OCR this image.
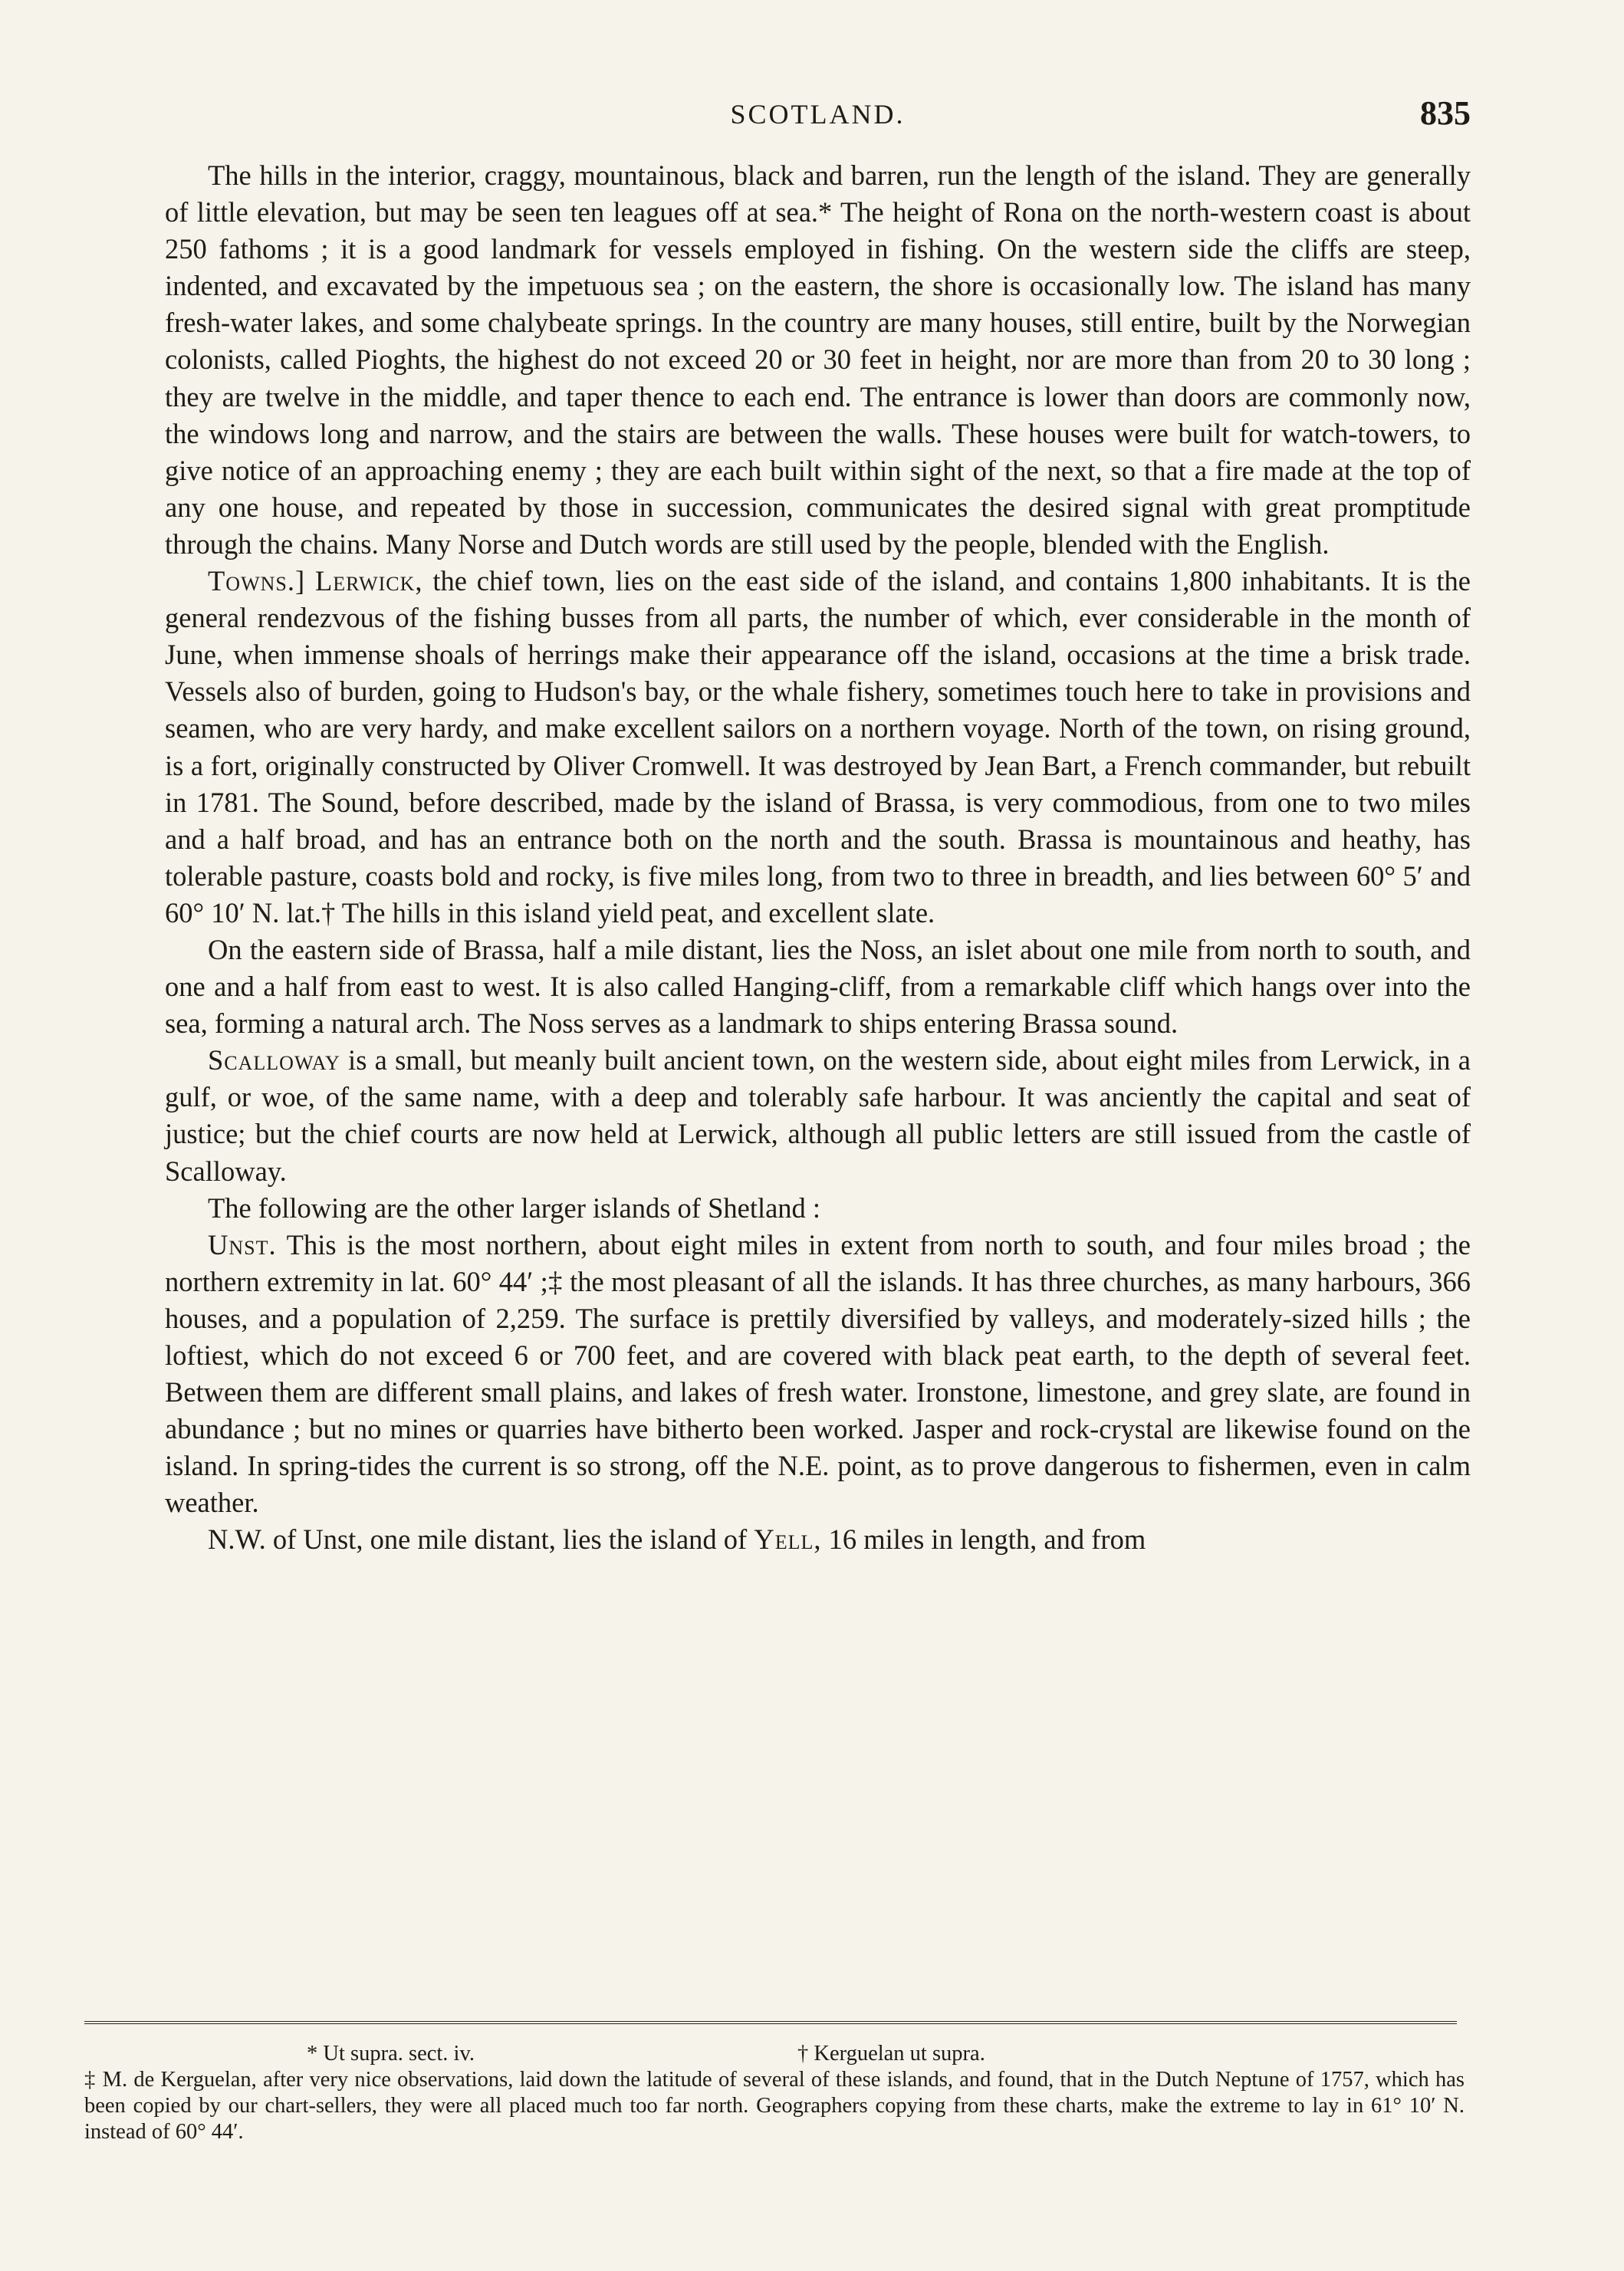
SCOTLAND.	835

The hills in the interior, craggy, mountainous, black and barren, run the length of the island. They are generally of little elevation, but may be seen ten leagues off at sea.* The height of Rona on the north-western coast is about 250 fathoms ; it is a good landmark for vessels employed in fishing. On the western side the cliffs are steep, indented, and excavated by the impetuous sea ; on the eastern, the shore is occasionally low. The island has many fresh-water lakes, and some chalybeate springs. In the country are many houses, still entire, built by the Norwegian colonists, called Pioghts, the highest do not exceed 20 or 30 feet in height, nor are more than from 20 to 30 long ; they are twelve in the middle, and taper thence to each end. The entrance is lower than doors are commonly now, the windows long and narrow, and the stairs are between the walls. These houses were built for watch-towers, to give notice of an approaching enemy ; they are each built within sight of the next, so that a fire made at the top of any one house, and repeated by those in succession, communicates the desired signal with great promptitude through the chains. Many Norse and Dutch words are still used by the people, blended with the English.

Towns.] Lerwick, the chief town, lies on the east side of the island, and contains 1,800 inhabitants. It is the general rendezvous of the fishing busses from all parts, the number of which, ever considerable in the month of June, when immense shoals of herrings make their appearance off the island, occasions at the time a brisk trade. Vessels also of burden, going to Hudson's bay, or the whale fishery, sometimes touch here to take in provisions and seamen, who are very hardy, and make excellent sailors on a northern voyage. North of the town, on rising ground, is a fort, originally constructed by Oliver Cromwell. It was destroyed by Jean Bart, a French commander, but rebuilt in 1781. The Sound, before described, made by the island of Brassa, is very commodious, from one to two miles and a half broad, and has an entrance both on the north and the south. Brassa is mountainous and heathy, has tolerable pasture, coasts bold and rocky, is five miles long, from two to three in breadth, and lies between 60° 5′ and 60° 10′ N. lat.† The hills in this island yield peat, and excellent slate.

On the eastern side of Brassa, half a mile distant, lies the Noss, an islet about one mile from north to south, and one and a half from east to west. It is also called Hanging-cliff, from a remarkable cliff which hangs over into the sea, forming a natural arch. The Noss serves as a landmark to ships entering Brassa sound.

Scalloway is a small, but meanly built ancient town, on the western side, about eight miles from Lerwick, in a gulf, or woe, of the same name, with a deep and tolerably safe harbour. It was anciently the capital and seat of justice; but the chief courts are now held at Lerwick, although all public letters are still issued from the castle of Scalloway.

The following are the other larger islands of Shetland :

Unst. This is the most northern, about eight miles in extent from north to south, and four miles broad ; the northern extremity in lat. 60° 44′ ;‡ the most pleasant of all the islands. It has three churches, as many harbours, 366 houses, and a population of 2,259. The surface is prettily diversified by valleys, and moderately-sized hills ; the loftiest, which do not exceed 6 or 700 feet, and are covered with black peat earth, to the depth of several feet. Between them are different small plains, and lakes of fresh water. Ironstone, limestone, and grey slate, are found in abundance ; but no mines or quarries have bitherto been worked. Jasper and rock-crystal are likewise found on the island. In spring-tides the current is so strong, off the N.E. point, as to prove dangerous to fishermen, even in calm weather.

N.W. of Unst, one mile distant, lies the island of Yell, 16 miles in length, and from

* Ut supra. sect. iv.	† Kerguelan ut supra.

‡ M. de Kerguelan, after very nice observations, laid down the latitude of several of these islands, and found, that in the Dutch Neptune of 1757, which has been copied by our chart-sellers, they were all placed much too far north. Geographers copying from these charts, make the extreme to lay in 61° 10′ N. instead of 60° 44′.
